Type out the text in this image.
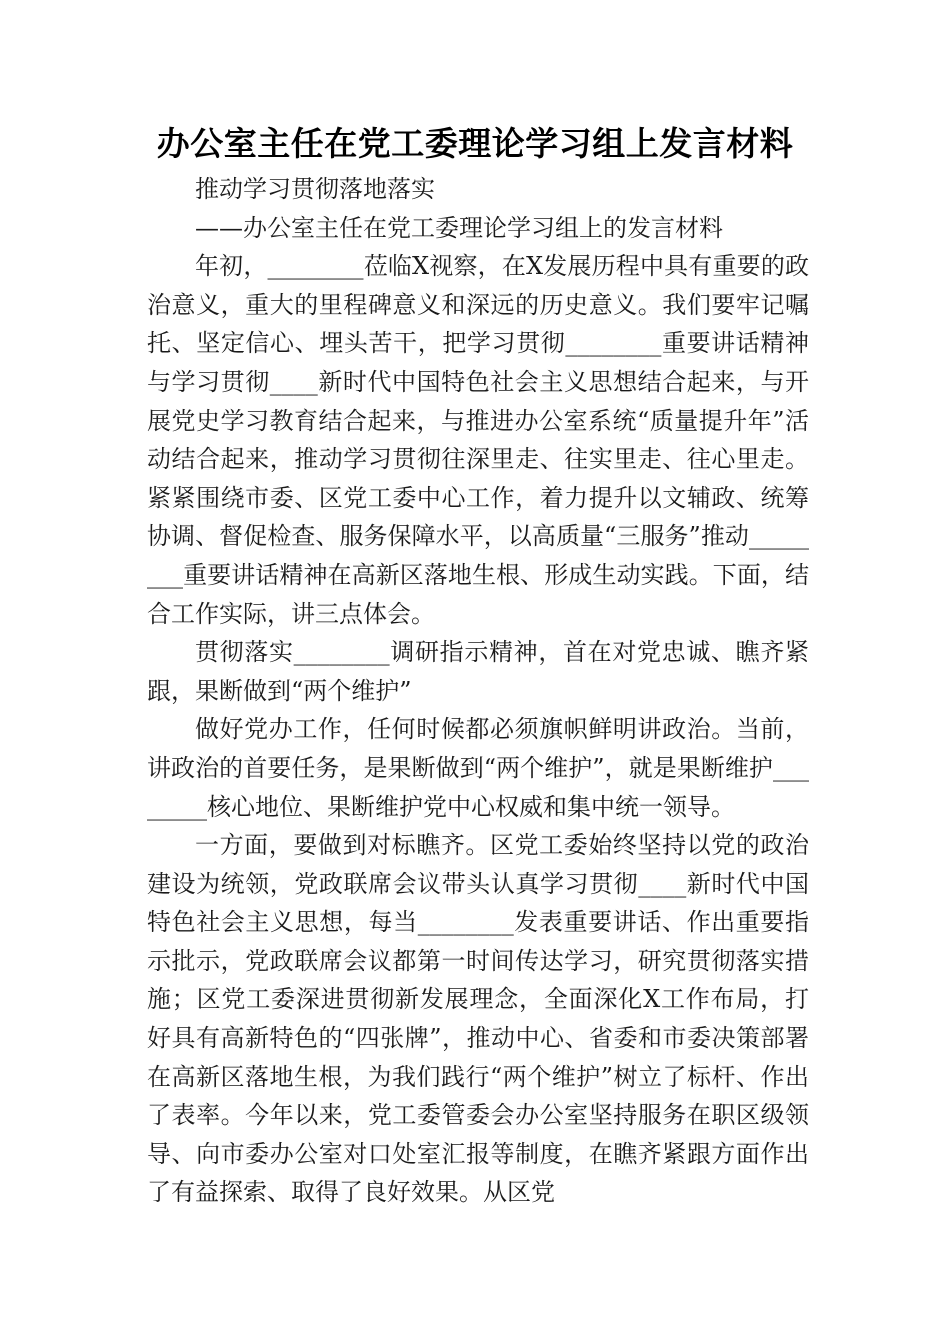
办公室主任在党工委理论学习组上发言材料

推动学习贯彻落地落实

——办公室主任在党工委理论学习组上的发言材料

年初，________莅临X视察，在X发展历程中具有重要的政治意义，重大的里程碑意义和深远的历史意义。我们要牢记嘱托、坚定信心、埋头苦干，把学习贯彻________重要讲话精神与学习贯彻____新时代中国特色社会主义思想结合起来，与开展党史学习教育结合起来，与推进办公室系统“质量提升年”活动结合起来，推动学习贯彻往深里走、往实里走、往心里走。紧紧围绕市委、区党工委中心工作，着力提升以文辅政、统筹协调、督促检查、服务保障水平，以高质量“三服务”推动________重要讲话精神在高新区落地生根、形成生动实践。下面，结合工作实际，讲三点体会。

贯彻落实________调研指示精神，首在对党忠诚、瞧齐紧跟，果断做到“两个维护”

做好党办工作，任何时候都必须旗帜鲜明讲政治。当前，讲政治的首要任务，是果断做到“两个维护”，就是果断维护________核心地位、果断维护党中心权威和集中统一领导。

一方面，要做到对标瞧齐。区党工委始终坚持以党的政治建设为统领，党政联席会议带头认真学习贯彻____新时代中国特色社会主义思想，每当________发表重要讲话、作出重要指示批示，党政联席会议都第一时间传达学习，研究贯彻落实措施；区党工委深进贯彻新发展理念，全面深化X工作布局，打好具有高新特色的“四张牌”，推动中心、省委和市委决策部署在高新区落地生根，为我们践行“两个维护”树立了标杆、作出了表率。今年以来，党工委管委会办公室坚持服务在职区级领导、向市委办公室对口处室汇报等制度，在瞧齐紧跟方面作出了有益探索、取得了良好效果。从区党
